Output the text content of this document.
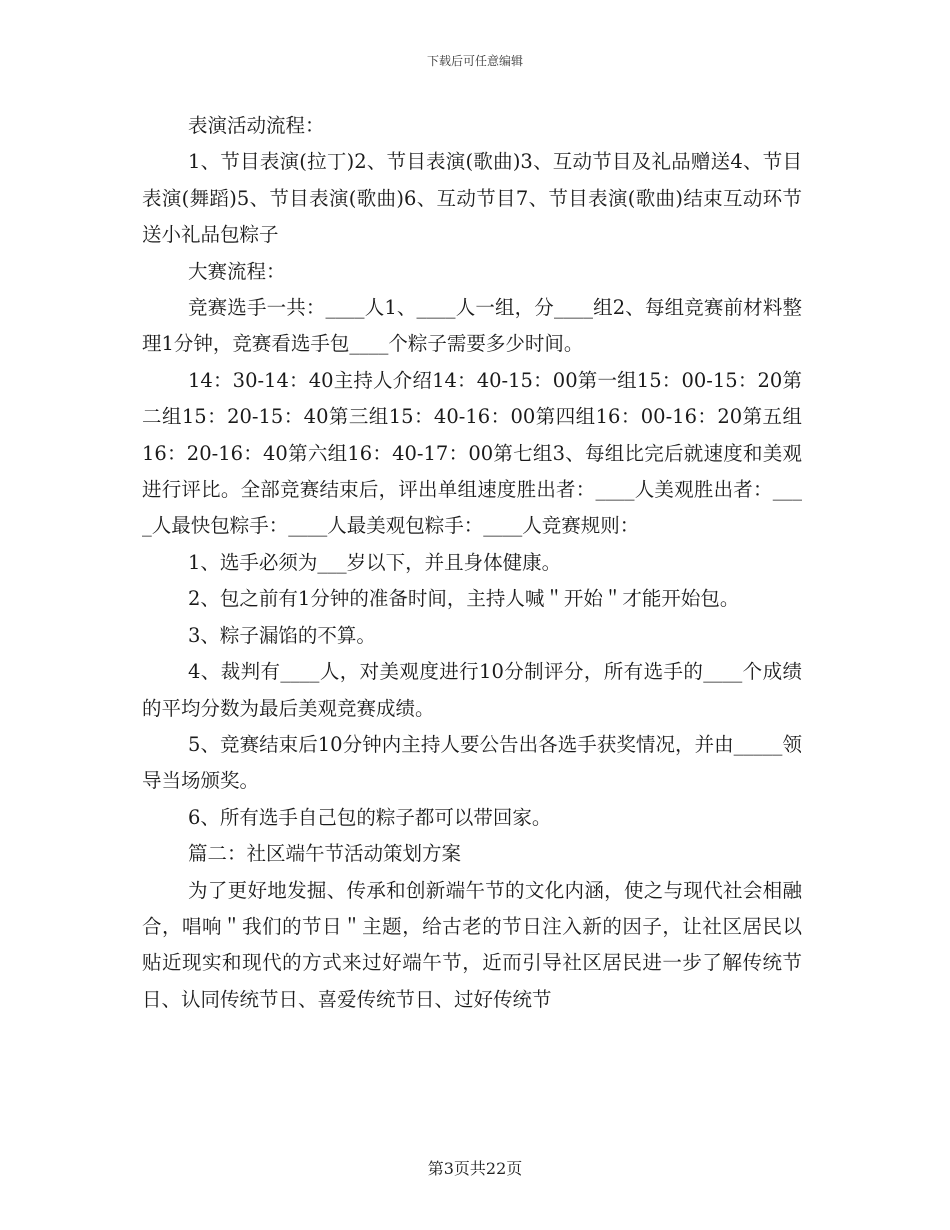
下载后可任意编辑

表演活动流程：

1、节目表演(拉丁)2、节目表演(歌曲)3、互动节目及礼品赠送4、节目表演(舞蹈)5、节目表演(歌曲)6、互动节目7、节目表演(歌曲)结束互动环节送小礼品包粽子

大赛流程：

竞赛选手一共：____人1、____人一组，分____组2、每组竞赛前材料整理1分钟，竞赛看选手包____个粽子需要多少时间。

14：30-14：40主持人介绍14：40-15：00第一组15：00-15：20第二组15：20-15：40第三组15：40-16：00第四组16：00-16：20第五组16：20-16：40第六组16：40-17：00第七组3、每组比完后就速度和美观进行评比。全部竞赛结束后，评出单组速度胜出者：____人美观胜出者：____人最快包粽手：____人最美观包粽手：____人竞赛规则：

1、选手必须为___岁以下，并且身体健康。

2、包之前有1分钟的准备时间，主持人喊＂开始＂才能开始包。

3、粽子漏馅的不算。

4、裁判有____人，对美观度进行10分制评分，所有选手的____个成绩的平均分数为最后美观竞赛成绩。

5、竞赛结束后10分钟内主持人要公告出各选手获奖情况，并由_____领导当场颁奖。

6、所有选手自己包的粽子都可以带回家。

篇二：社区端午节活动策划方案

为了更好地发掘、传承和创新端午节的文化内涵，使之与现代社会相融合，唱响＂我们的节日＂主题，给古老的节日注入新的因子，让社区居民以贴近现实和现代的方式来过好端午节，近而引导社区居民进一步了解传统节日、认同传统节日、喜爱传统节日、过好传统节

第3页共22页
